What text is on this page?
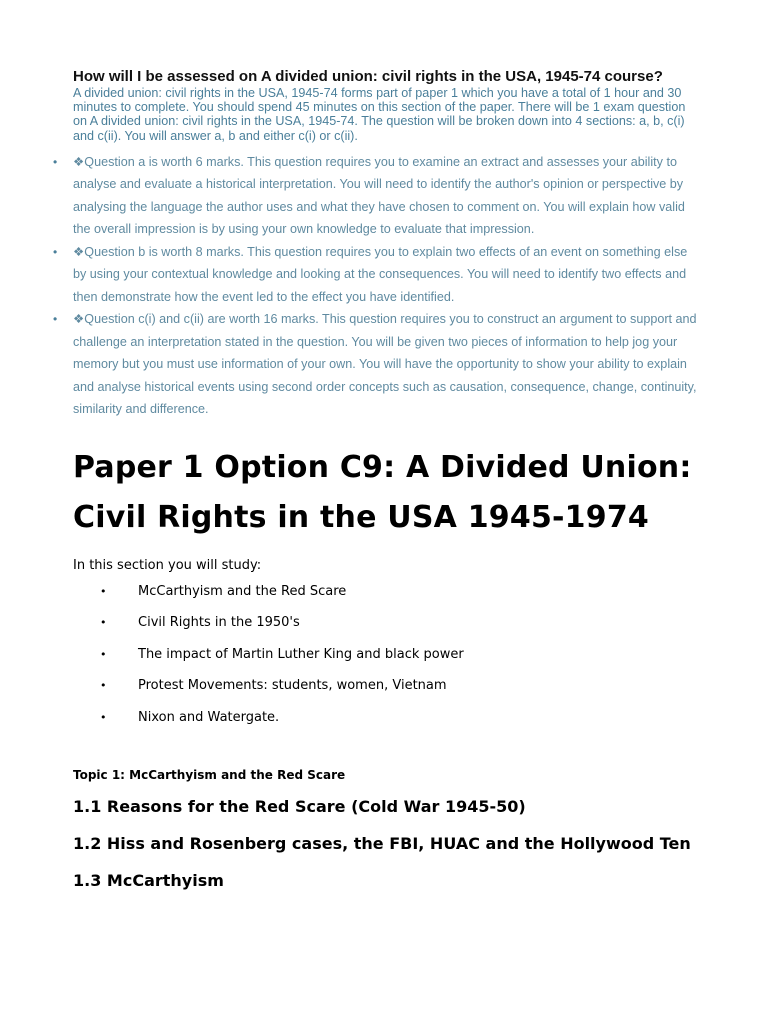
How will I be assessed on A divided union: civil rights in the USA, 1945-74 course?

A divided union: civil rights in the USA, 1945-74 forms part of paper 1 which you have a total of 1 hour and 30 minutes to complete. You should spend 45 minutes on this section of the paper. There will be 1 exam question on A divided union: civil rights in the USA, 1945-74. The question will be broken down into 4 sections: a, b, c(i) and c(ii). You will answer a, b and either c(i) or c(ii).

• ❖Question a is worth 6 marks. This question requires you to examine an extract and assesses your ability to analyse and evaluate a historical interpretation. You will need to identify the author's opinion or perspective by analysing the language the author uses and what they have chosen to comment on. You will explain how valid the overall impression is by using your own knowledge to evaluate that impression.
• ❖Question b is worth 8 marks. This question requires you to explain two effects of an event on something else by using your contextual knowledge and looking at the consequences. You will need to identify two effects and then demonstrate how the event led to the effect you have identified.
• ❖Question c(i) and c(ii) are worth 16 marks. This question requires you to construct an argument to support and challenge an interpretation stated in the question. You will be given two pieces of information to help jog your memory but you must use information of your own. You will have the opportunity to show your ability to explain and analyse historical events using second order concepts such as causation, consequence, change, continuity, similarity and difference.
Paper 1 Option C9: A Divided Union: Civil Rights in the USA 1945-1974

In this section you will study:

• McCarthyism and the Red Scare
• Civil Rights in the 1950's
• The impact of Martin Luther King and black power
• Protest Movements: students, women, Vietnam
• Nixon and Watergate.

Topic 1: McCarthyism and the Red Scare

1.1 Reasons for the Red Scare (Cold War 1945-50)
1.2 Hiss and Rosenberg cases, the FBI, HUAC and the Hollywood Ten
1.3 McCarthyism
